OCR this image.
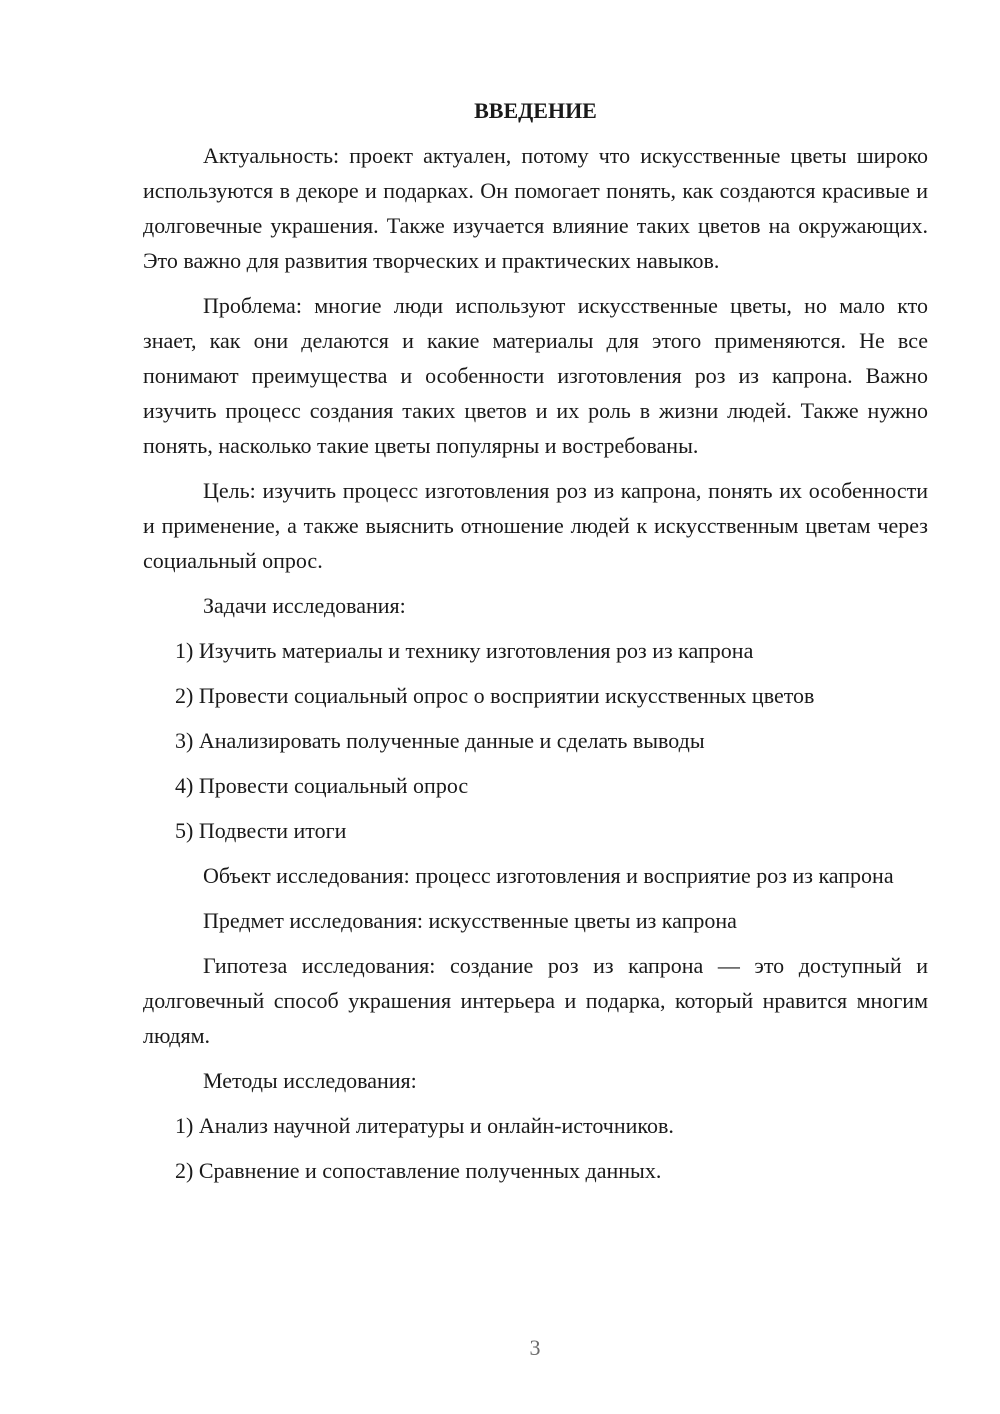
ВВЕДЕНИЕ

Актуальность: проект актуален, потому что искусственные цветы широко используются в декоре и подарках. Он помогает понять, как создаются красивые и долговечные украшения. Также изучается влияние таких цветов на окружающих. Это важно для развития творческих и практических навыков.

Проблема: многие люди используют искусственные цветы, но мало кто знает, как они делаются и какие материалы для этого применяются. Не все понимают преимущества и особенности изготовления роз из капрона. Важно изучить процесс создания таких цветов и их роль в жизни людей. Также нужно понять, насколько такие цветы популярны и востребованы.

Цель: изучить процесс изготовления роз из капрона, понять их особенности и применение, а также выяснить отношение людей к искусственным цветам через социальный опрос.

Задачи исследования:

1) Изучить материалы и технику изготовления роз из капрона
2) Провести социальный опрос о восприятии искусственных цветов
3) Анализировать полученные данные и сделать выводы
4) Провести социальный опрос
5) Подвести итоги

Объект исследования: процесс изготовления и восприятие роз из капрона

Предмет исследования: искусственные цветы из капрона

Гипотеза исследования: создание роз из капрона — это доступный и долговечный способ украшения интерьера и подарка, который нравится многим людям.

Методы исследования:

1) Анализ научной литературы и онлайн-источников.
2) Сравнение и сопоставление полученных данных.
3
